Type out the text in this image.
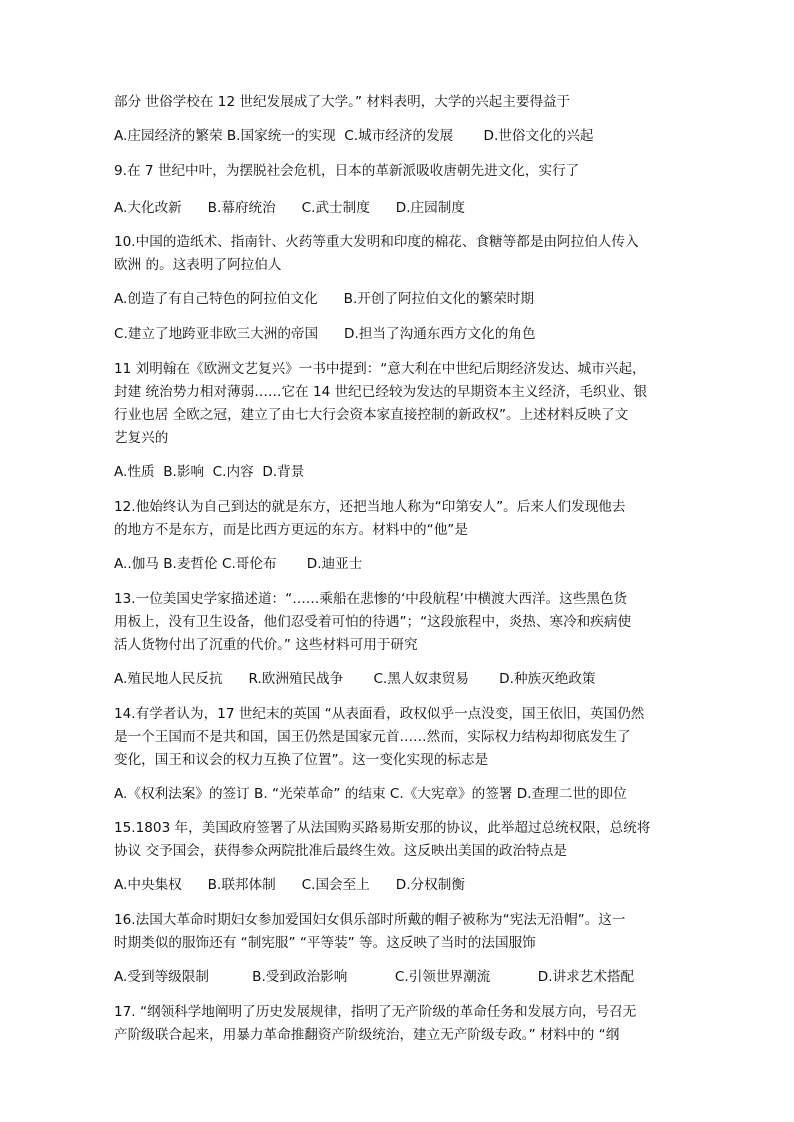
部分 世俗学校在 12 世纪发展成了大学。” 材料表明，大学的兴起主要得益于
A.庄园经济的繁荣 B.国家统一的实现  C.城市经济的发展       D.世俗文化的兴起
9.在 7 世纪中叶，为摆脱社会危机，日本的革新派吸收唐朝先进文化，实行了
A.大化改新      B.幕府统治      C.武士制度      D.庄园制度
10.中国的造纸术、指南针、火药等重大发明和印度的棉花、食糖等都是由阿拉伯人传入
欧洲 的。这表明了阿拉伯人
A.创造了有自己特色的阿拉伯文化      B.开创了阿拉伯文化的繁荣时期
C.建立了地跨亚非欧三大洲的帝国      D.担当了沟通东西方文化的角色
11 刘明翰在《欧洲文艺复兴》一书中提到：“意大利在中世纪后期经济发达、城市兴起，
封建 统治势力相对薄弱……它在 14 世纪已经较为发达的早期资本主义经济，毛织业、银
行业也居 全欧之冠，建立了由七大行会资本家直接控制的新政权”。上述材料反映了文
艺复兴的
A.性质  B.影响  C.内容  D.背景
12.他始终认为自己到达的就是东方，还把当地人称为“印第安人”。后来人们发现他去
的地方不是东方，而是比西方更远的东方。材料中的“他”是
A..伽马 B.麦哲伦 C.哥伦布       D.迪亚士
13.一位美国史学家描述道：“……乘船在悲惨的‘中段航程’中横渡大西洋。这些黑色货
用板上，没有卫生设备，他们忍受着可怕的待遇”；“这段旅程中，炎热、寒冷和疾病使
活人货物付出了沉重的代价。” 这些材料可用于研究
A.殖民地人民反抗      R.欧洲殖民战争       C.黑人奴隶贸易       D.种族灭绝政策
14.有学者认为，17 世纪末的英国 “从表面看，政权似乎一点没变，国王依旧，英国仍然
是一个王国而不是共和国，国王仍然是国家元首……然而，实际权力结构却彻底发生了
变化，国王和议会的权力互换了位置”。这一变化实现的标志是
A.《权利法案》的签订 B. “光荣革命” 的结束 C.《大宪章》的签署 D.查理二世的即位
15.1803 年，美国政府签署了从法国购买路易斯安那的协议，此举超过总统权限，总统将
协议 交予国会，获得参众两院批准后最终生效。这反映出美国的政治特点是
A.中央集权      B.联邦体制      C.国会至上      D.分权制衡
16.法国大革命时期妇女参加爱国妇女俱乐部时所戴的帽子被称为“宪法无沿帽”。这一
时期类似的服饰还有 “制宪服” “平等装” 等。这反映了当时的法国服饰
A.受到等级限制          B.受到政治影响           C.引领世界潮流           D.讲求艺术搭配
17. “纲领科学地阐明了历史发展规律，指明了无产阶级的革命任务和发展方向，号召无
产阶级联合起来，用暴力革命推翻资产阶级统治，建立无产阶级专政。” 材料中的 “纲
